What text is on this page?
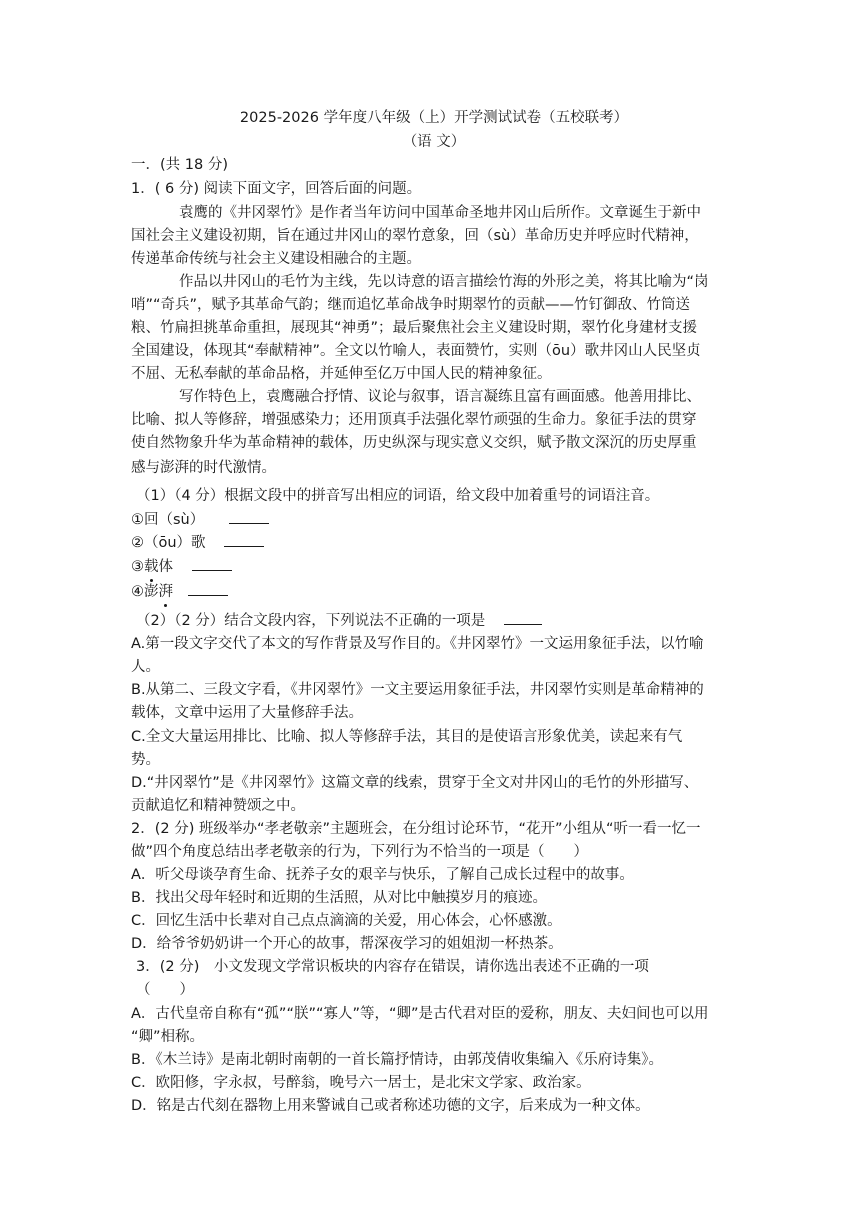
2025-2026 学年度八年级（上）开学测试试卷（五校联考）
（语 文）
一．(共 18 分)
1．( 6 分) 阅读下面文字，回答后面的问题。
袁鹰的《井冈翠竹》是作者当年访问中国革命圣地井冈山后所作。文章诞生于新中
国社会主义建设初期，旨在通过井冈山的翠竹意象，回（sù）革命历史并呼应时代精神，
传递革命传统与社会主义建设相融合的主题。
作品以井冈山的毛竹为主线，先以诗意的语言描绘竹海的外形之美，将其比喻为“岗
哨”“奇兵”，赋予其革命气韵；继而追忆革命战争时期翠竹的贡献——竹钉御敌、竹筒送
粮、竹扁担挑革命重担，展现其“神勇”；最后聚焦社会主义建设时期，翠竹化身建材支援
全国建设，体现其“奉献精神”。全文以竹喻人，表面赞竹，实则（ōu）歌井冈山人民坚贞
不屈、无私奉献的革命品格，并延伸至亿万中国人民的精神象征。
写作特色上，袁鹰融合抒情、议论与叙事，语言凝练且富有画面感。他善用排比、
比喻、拟人等修辞，增强感染力；还用顶真手法强化翠竹顽强的生命力。象征手法的贯穿
使自然物象升华为革命精神的载体，历史纵深与现实意义交织，赋予散文深沉的历史厚重
感与澎湃的时代激情。
（1）（4 分）根据文段中的拼音写出相应的词语，给文段中加着重号的词语注音。
①回（sù）
②（ōu）歌
③载体
④澎湃
（2）（2 分）结合文段内容，下列说法不正确的一项是
A.第一段文字交代了本文的写作背景及写作目的。《井冈翠竹》一文运用象征手法，以竹喻
人。
B.从第二、三段文字看，《井冈翠竹》一文主要运用象征手法，井冈翠竹实则是革命精神的
载体，文章中运用了大量修辞手法。
C.全文大量运用排比、比喻、拟人等修辞手法，其目的是使语言形象优美，读起来有气
势。
D.“井冈翠竹”是《井冈翠竹》这篇文章的线索，贯穿于全文对井冈山的毛竹的外形描写、
贡献追忆和精神赞颂之中。
2．(2 分) 班级举办“孝老敬亲”主题班会，在分组讨论环节，“花开”小组从“听一看一忆一
做”四个角度总结出孝老敬亲的行为，下列行为不恰当的一项是（　　）
A．听父母谈孕育生命、抚养子女的艰辛与快乐，了解自己成长过程中的故事。
B．找出父母年轻时和近期的生活照，从对比中触摸岁月的痕迹。
C．回忆生活中长辈对自己点点滴滴的关爱，用心体会，心怀感激。
D．给爷爷奶奶讲一个开心的故事，帮深夜学习的姐姐沏一杯热茶。
3．(2 分)　小文发现文学常识板块的内容存在错误，请你选出表述不正确的一项
（　　）
A．古代皇帝自称有“孤”“朕”“寡人”等，“卿”是古代君对臣的爱称，朋友、夫妇间也可以用
“卿”相称。
B．《木兰诗》是南北朝时南朝的一首长篇抒情诗，由郭茂倩收集编入《乐府诗集》。
C．欧阳修，字永叔，号醉翁，晚号六一居士，是北宋文学家、政治家。
D．铭是古代刻在器物上用来警诫自己或者称述功德的文字，后来成为一种文体。
